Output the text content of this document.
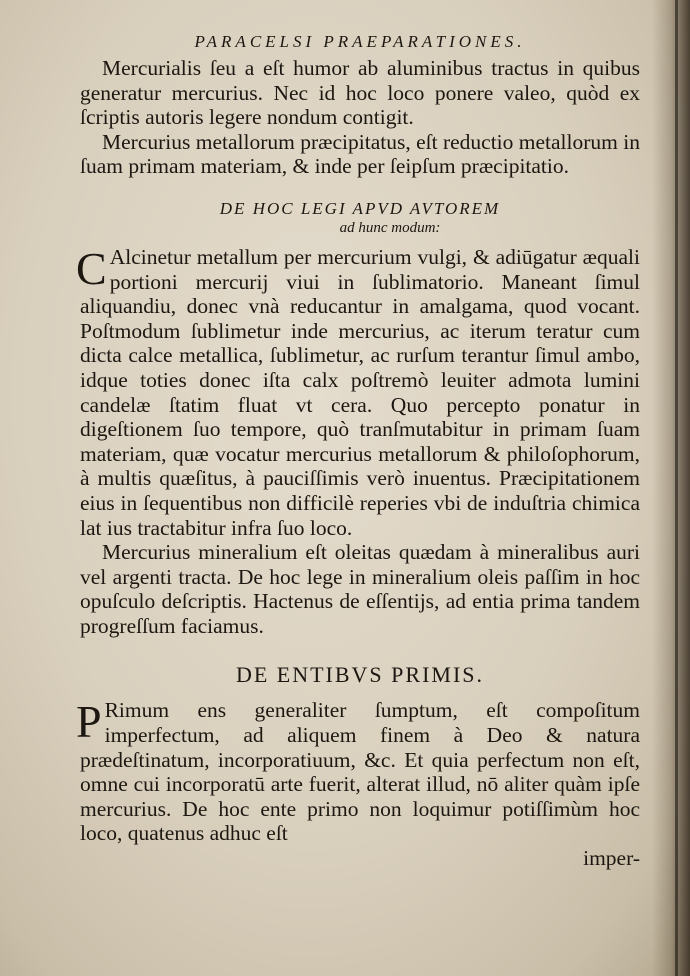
PARACELSI PRAEPARATIONES.

Mercurialis ſeu a eſt humor ab aluminibus tractus in quibus generatur mercurius. Nec id hoc loco ponere valeo, quòd ex ſcriptis autoris legere nondum contigit.

Mercurius metallorum præcipitatus, eſt reductio metallorum in ſuam primam materiam, & inde per ſeipſum præcipitatio.

DE HOC LEGI APVD AVTOREM
ad hunc modum:

C Alcinetur metallum per mercurium vulgi, & adiūgatur æquali portioni mercurij viui in ſublimatorio. Maneant ſimul aliquandiu, donec vnà reducantur in amalgama, quod vocant. Poſtmodum ſublimetur inde mercurius, ac iterum teratur cum dicta calce metallica, ſublimetur, ac rurſum terantur ſimul ambo, idque toties donec iſta calx poſtremò leuiter admota lumini candelæ ſtatim fluat vt cera. Quo percepto ponatur in digeſtionem ſuo tempore, quò tranſmutabitur in primam ſuam materiam, quæ vocatur mercurius metallorum & philoſophorum, à multis quæſitus, à pauciſſimis verò inuentus. Præcipitationem eius in ſequentibus non difficilè reperies vbi de induſtria chimica lat ius tractabitur infra ſuo loco.

Mercurius mineralium eſt oleitas quædam à mineralibus auri vel argenti tracta. De hoc lege in mineralium oleis paſſim in hoc opuſculo deſcriptis. Hactenus de eſſentijs, ad entia prima tandem progreſſum faciamus.

DE ENTIBVS PRIMIS.

P Rimum ens generaliter ſumptum, eſt compoſitum imperfectum, ad aliquem finem à Deo & natura prædeſtinatum, incorporatiuum, &c. Et quia perfectum non eſt, omne cui incorporatū arte fuerit, alterat illud, nō aliter quàm ipſe mercurius. De hoc ente primo non loquimur potiſſimùm hoc loco, quatenus adhuc eſt

imper-
